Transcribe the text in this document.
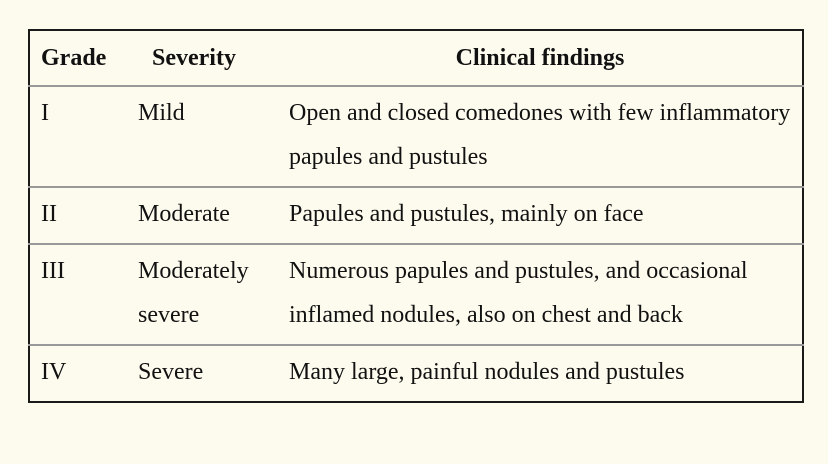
Grade	Severity	Clinical findings
I	Mild	Open and closed comedones with few inflammatory papules and pustules
II	Moderate	Papules and pustules, mainly on face
III	Moderately severe	Numerous papules and pustules, and occasional inflamed nodules, also on chest and back
IV	Severe	Many large, painful nodules and pustules
